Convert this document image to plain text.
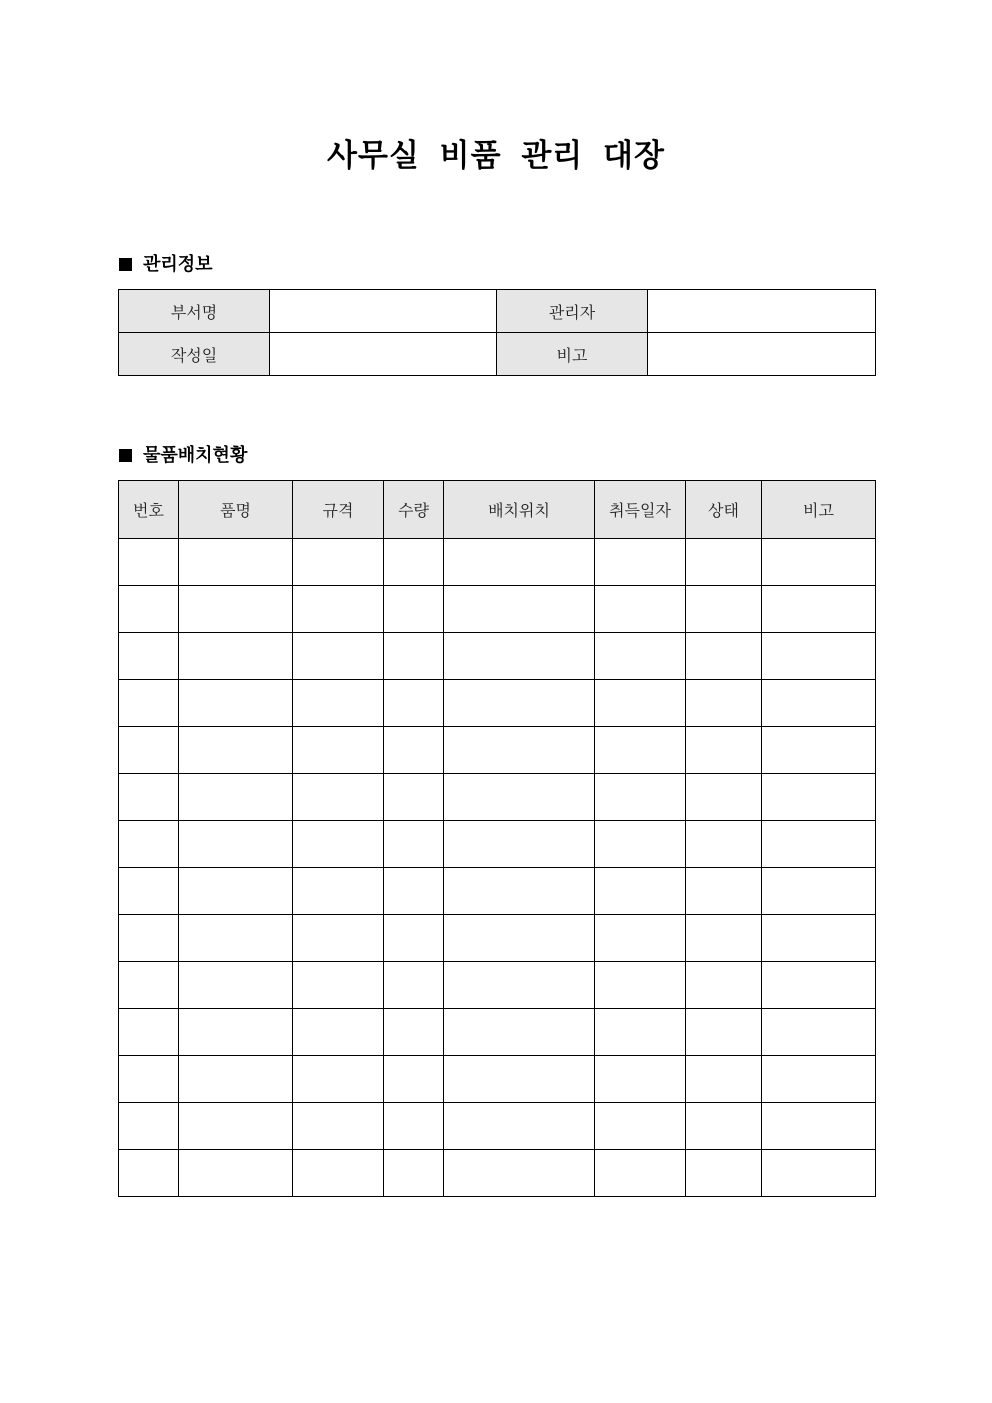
사무실 비품 관리 대장
관리정보
부서명		관리자	
작성일		비고	
물품배치현황
번호	품명	규격	수량	배치위치	취득일자	상태	비고
